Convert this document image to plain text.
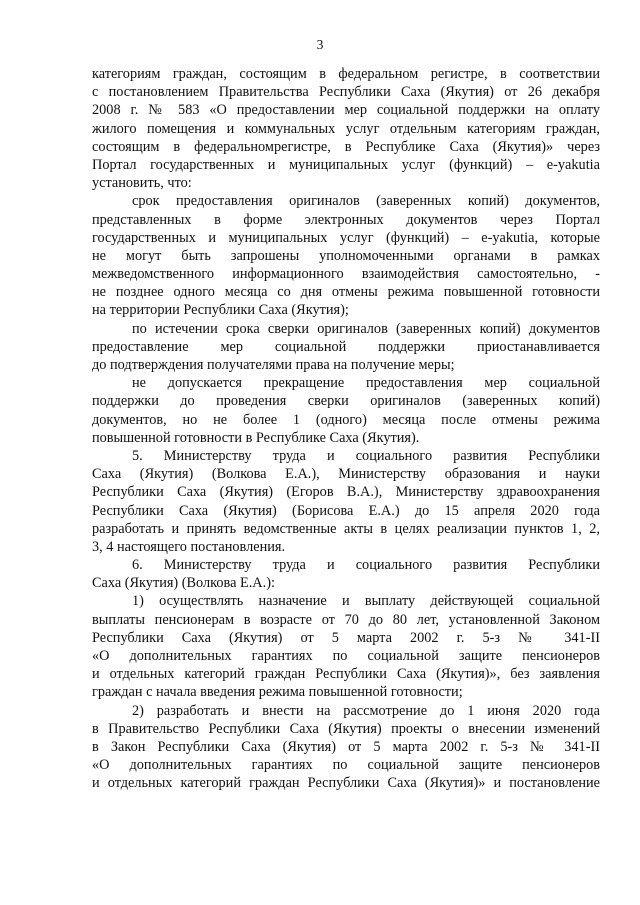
3
категориям граждан, состоящим в федеральном регистре, в соответствии
с постановлением Правительства Республики Саха (Якутия) от 26 декабря
2008 г. № 583 «О предоставлении мер социальной поддержки на оплату
жилого помещения и коммунальных услуг отдельным категориям граждан,
состоящим в федеральномрегистре, в Республике Саха (Якутия)» через
Портал государственных и муниципальных услуг (функций) – e-yakutia
установить, что:
срок предоставления оригиналов (заверенных копий) документов,
представленных в форме электронных документов через Портал
государственных и муниципальных услуг (функций) – e-yakutia, которые
не могут быть запрошены уполномоченными органами в рамках
межведомственного информационного взаимодействия самостоятельно, -
не позднее одного месяца со дня отмены режима повышенной готовности
на территории Республики Саха (Якутия);
по истечении срока сверки оригиналов (заверенных копий) документов
предоставление мер социальной поддержки приостанавливается
до подтверждения получателями права на получение меры;
не допускается прекращение предоставления мер социальной
поддержки до проведения сверки оригиналов (заверенных копий)
документов, но не более 1 (одного) месяца после отмены режима
повышенной готовности в Республике Саха (Якутия).
5. Министерству труда и социального развития Республики
Саха (Якутия) (Волкова Е.А.), Министерству образования и науки
Республики Саха (Якутия) (Егоров В.А.), Министерству здравоохранения
Республики Саха (Якутия) (Борисова Е.А.) до 15 апреля 2020 года
разработать и принять ведомственные акты в целях реализации пунктов 1, 2,
3, 4 настоящего постановления.
6. Министерству труда и социального развития Республики
Саха (Якутия) (Волкова Е.А.):
1) осуществлять назначение и выплату действующей социальной
выплаты пенсионерам в возрасте от 70 до 80 лет, установленной Законом
Республики Саха (Якутия) от 5 марта 2002 г. 5-з № 341-II
«О дополнительных гарантиях по социальной защите пенсионеров
и отдельных категорий граждан Республики Саха (Якутия)», без заявления
граждан с начала введения режима повышенной готовности;
2) разработать и внести на рассмотрение до 1 июня 2020 года
в Правительство Республики Саха (Якутия) проекты о внесении изменений
в Закон Республики Саха (Якутия) от 5 марта 2002 г. 5-з № 341-II
«О дополнительных гарантиях по социальной защите пенсионеров
и отдельных категорий граждан Республики Саха (Якутия)» и постановление
